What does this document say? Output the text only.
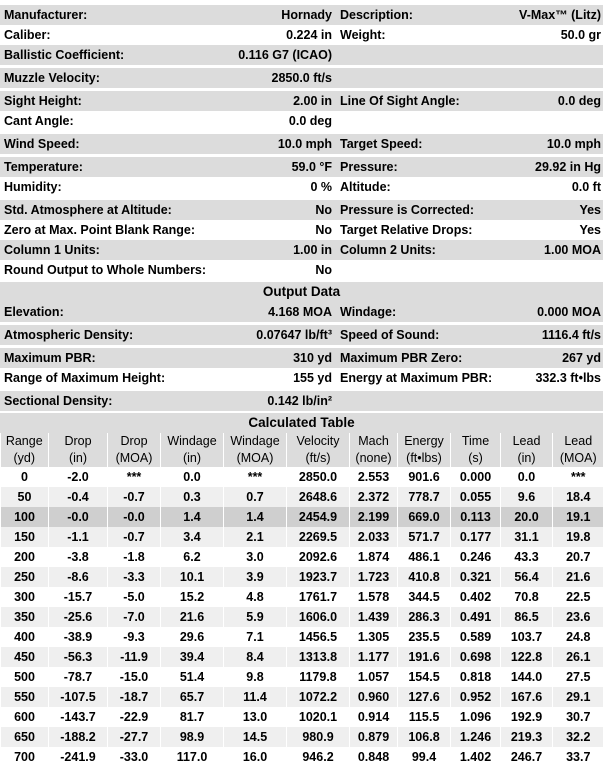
Manufacturer:	Hornady Description:	V-Max™ (Litz)
Caliber:	0.224 in Weight:	50.0 gr
Ballistic Coefficient:	0.116 G7 (ICAO)
Muzzle Velocity:	2850.0 ft/s
Sight Height:	2.00 in Line Of Sight Angle:	0.0 deg
Cant Angle:	0.0 deg
Wind Speed:	10.0 mph Target Speed:	10.0 mph
Temperature:	59.0 °F Pressure:	29.92 in Hg
Humidity:	0 % Altitude:	0.0 ft
Std. Atmosphere at Altitude:	No Pressure is Corrected:	Yes
Zero at Max. Point Blank Range:	No Target Relative Drops:	Yes
Column 1 Units:	1.00 in Column 2 Units:	1.00 MOA
Round Output to Whole Numbers:	No
Output Data
Elevation:	4.168 MOA Windage:	0.000 MOA
Atmospheric Density:	0.07647 lb/ft³ Speed of Sound:	1116.4 ft/s
Maximum PBR:	310 yd Maximum PBR Zero:	267 yd
Range of Maximum Height:	155 yd Energy at Maximum PBR:	332.3 ft•lbs
Sectional Density:	0.142 lb/in²
Calculated Table
Range	Drop	Drop	Windage	Windage	Velocity	Mach	Energy	Time	Lead	Lead
(yd)	(in)	(MOA)	(in)	(MOA)	(ft/s)	(none)	(ft•lbs)	(s)	(in)	(MOA)
0	-2.0	***	0.0	***	2850.0	2.553	901.6	0.000	0.0	***
50	-0.4	-0.7	0.3	0.7	2648.6	2.372	778.7	0.055	9.6	18.4
100	-0.0	-0.0	1.4	1.4	2454.9	2.199	669.0	0.113	20.0	19.1
150	-1.1	-0.7	3.4	2.1	2269.5	2.033	571.7	0.177	31.1	19.8
200	-3.8	-1.8	6.2	3.0	2092.6	1.874	486.1	0.246	43.3	20.7
250	-8.6	-3.3	10.1	3.9	1923.7	1.723	410.8	0.321	56.4	21.6
300	-15.7	-5.0	15.2	4.8	1761.7	1.578	344.5	0.402	70.8	22.5
350	-25.6	-7.0	21.6	5.9	1606.0	1.439	286.3	0.491	86.5	23.6
400	-38.9	-9.3	29.6	7.1	1456.5	1.305	235.5	0.589	103.7	24.8
450	-56.3	-11.9	39.4	8.4	1313.8	1.177	191.6	0.698	122.8	26.1
500	-78.7	-15.0	51.4	9.8	1179.8	1.057	154.5	0.818	144.0	27.5
550	-107.5	-18.7	65.7	11.4	1072.2	0.960	127.6	0.952	167.6	29.1
600	-143.7	-22.9	81.7	13.0	1020.1	0.914	115.5	1.096	192.9	30.7
650	-188.2	-27.7	98.9	14.5	980.9	0.879	106.8	1.246	219.3	32.2
700	-241.9	-33.0	117.0	16.0	946.2	0.848	99.4	1.402	246.7	33.7
